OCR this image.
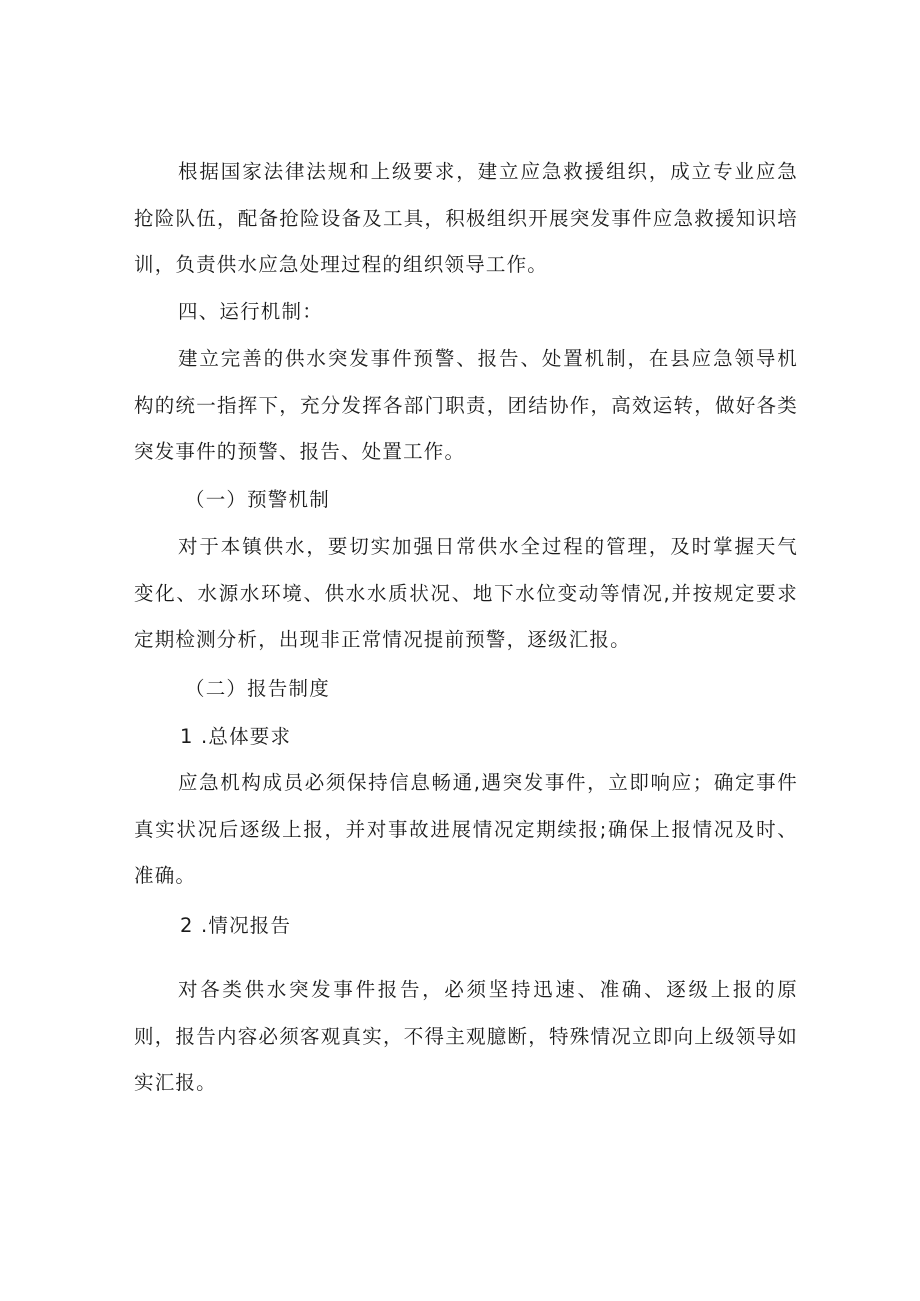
根据国家法律法规和上级要求，建立应急救援组织，成立专业应急抢险队伍，配备抢险设备及工具，积极组织开展突发事件应急救援知识培训，负责供水应急处理过程的组织领导工作。

四、运行机制：

建立完善的供水突发事件预警、报告、处置机制，在县应急领导机构的统一指挥下，充分发挥各部门职责，团结协作，高效运转，做好各类突发事件的预警、报告、处置工作。

（一）预警机制

对于本镇供水，要切实加强日常供水全过程的管理，及时掌握天气变化、水源水环境、供水水质状况、地下水位变动等情况,并按规定要求定期检测分析，出现非正常情况提前预警，逐级汇报。

（二）报告制度
1 .总体要求

应急机构成员必须保持信息畅通,遇突发事件，立即响应；确定事件真实状况后逐级上报，并对事故进展情况定期续报;确保上报情况及时、准确。

2 .情况报告

对各类供水突发事件报告，必须坚持迅速、准确、逐级上报的原则，报告内容必须客观真实，不得主观臆断，特殊情况立即向上级领导如实汇报。
